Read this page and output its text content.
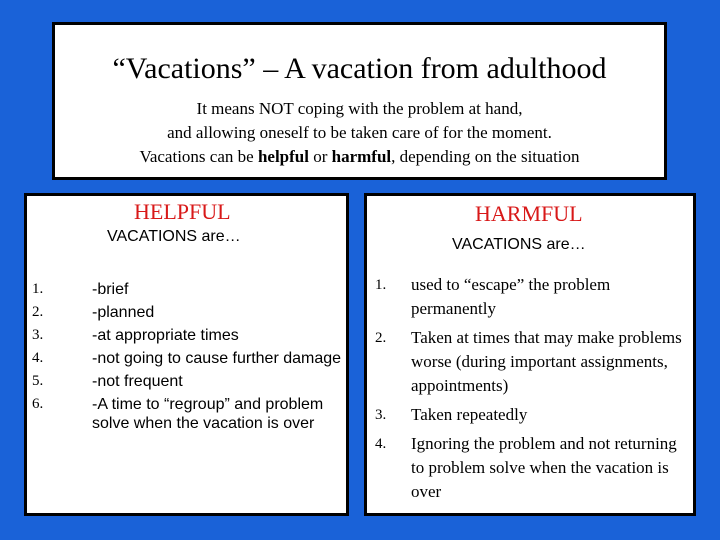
“Vacations” – A vacation from adulthood
It means NOT coping with the problem at hand,
and allowing oneself to be taken care of for the moment.
Vacations can be helpful or harmful, depending on the situation
HELPFUL
VACATIONS are…
1.	-brief
2.	-planned
3.	-at appropriate times
4.	-not going to cause further damage
5.	-not frequent
6.	-A time to “regroup” and problem solve when the vacation is over
HARMFUL
VACATIONS are…
1. used to “escape” the problem permanently
2. Taken at times that may make problems worse (during important assignments, appointments)
3. Taken repeatedly
4. Ignoring the problem and not returning to problem solve when the vacation is over
